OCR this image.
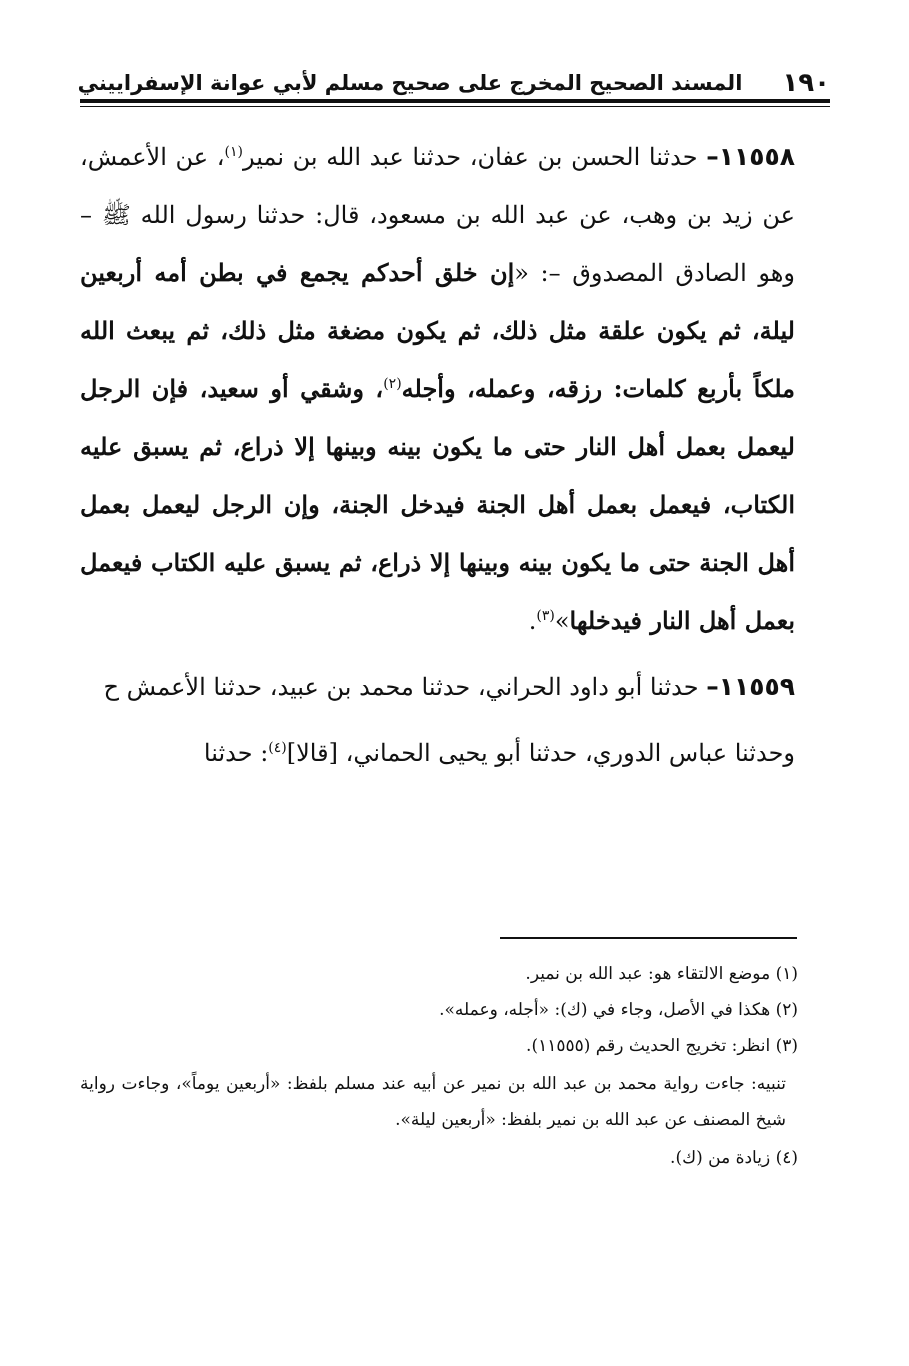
١٩٠
المسند الصحيح المخرج على صحيح مسلم لأبي عوانة الإسفراييني

١١٥٥٨– حدثنا الحسن بن عفان، حدثنا عبد الله بن نمير$^{(١)}$، عن الأعمش، عن زيد بن وهب، عن عبد الله بن مسعود، قال: حدثنا رسول الله ﷺ – وهو الصادق المصدوق –: «إن خلق أحدكم يجمع في بطن أمه أربعين ليلة، ثم يكون علقة مثل ذلك، ثم يكون مضغة مثل ذلك، ثم يبعث الله ملكاً بأربع كلمات: رزقه، وعمله، وأجله$^{(٢)}$، وشقي أو سعيد، فإن الرجل ليعمل بعمل أهل النار حتى ما يكون بينه وبينها إلا ذراع، ثم يسبق عليه الكتاب، فيعمل بعمل أهل الجنة فيدخل الجنة، وإن الرجل ليعمل بعمل أهل الجنة حتى ما يكون بينه وبينها إلا ذراع، ثم يسبق عليه الكتاب فيعمل بعمل أهل النار فيدخلها»$^{(٣)}$.

١١٥٥٩– حدثنا أبو داود الحراني، حدثنا محمد بن عبيد، حدثنا الأعمش ح

وحدثنا عباس الدوري، حدثنا أبو يحيى الحماني، [قالا]$^{(٤)}$: حدثنا

(١) موضع الالتقاء هو: عبد الله بن نمير.

(٢) هكذا في الأصل، وجاء في (ك): «أجله، وعمله».

(٣) انظر: تخريج الحديث رقم (١١٥٥٥).

تنبيه: جاءت رواية محمد بن عبد الله بن نمير عن أبيه عند مسلم بلفظ: «أربعين يوماً»، وجاءت رواية شيخ المصنف عن عبد الله بن نمير بلفظ: «أربعين ليلة».

(٤) زيادة من (ك).
